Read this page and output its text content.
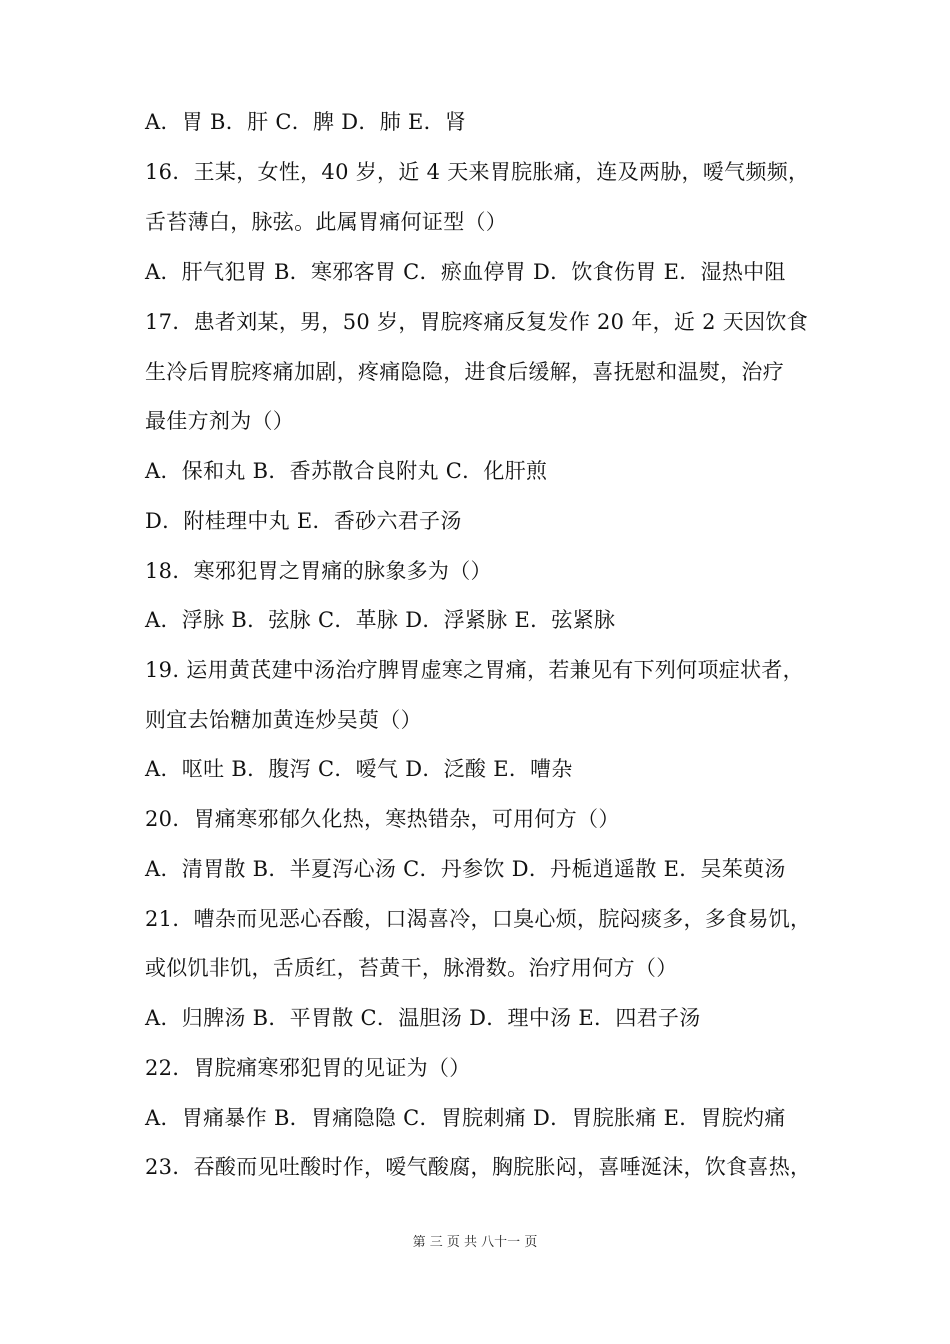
A．胃 B．肝 C．脾 D．肺 E．肾
16．王某，女性，40 岁，近 4 天来胃脘胀痛，连及两胁，嗳气频频，
舌苔薄白，脉弦。此属胃痛何证型（）
A．肝气犯胃 B．寒邪客胃 C．瘀血停胃 D．饮食伤胃 E．湿热中阻
17．患者刘某，男，50 岁，胃脘疼痛反复发作 20 年，近 2 天因饮食
生冷后胃脘疼痛加剧，疼痛隐隐，进食后缓解，喜抚慰和温熨，治疗
最佳方剂为（）
A．保和丸 B．香苏散合良附丸 C．化肝煎
D．附桂理中丸 E．香砂六君子汤
18．寒邪犯胃之胃痛的脉象多为（）
A．浮脉 B．弦脉 C．革脉 D．浮紧脉 E．弦紧脉
19. 运用黄芪建中汤治疗脾胃虚寒之胃痛，若兼见有下列何项症状者，
则宜去饴糖加黄连炒吴萸（）
A．呕吐 B．腹泻 C．嗳气 D．泛酸 E．嘈杂
20．胃痛寒邪郁久化热，寒热错杂，可用何方（）
A．清胃散 B．半夏泻心汤 C．丹参饮 D．丹栀逍遥散 E．吴茱萸汤
21．嘈杂而见恶心吞酸，口渴喜冷，口臭心烦，脘闷痰多，多食易饥，
或似饥非饥，舌质红，苔黄干，脉滑数。治疗用何方（）
A．归脾汤 B．平胃散 C．温胆汤 D．理中汤 E．四君子汤
22．胃脘痛寒邪犯胃的见证为（）
A．胃痛暴作 B．胃痛隐隐 C．胃脘刺痛 D．胃脘胀痛 E．胃脘灼痛
23．吞酸而见吐酸时作，嗳气酸腐，胸脘胀闷，喜唾涎沫，饮食喜热，
第 三 页 共 八十一 页
